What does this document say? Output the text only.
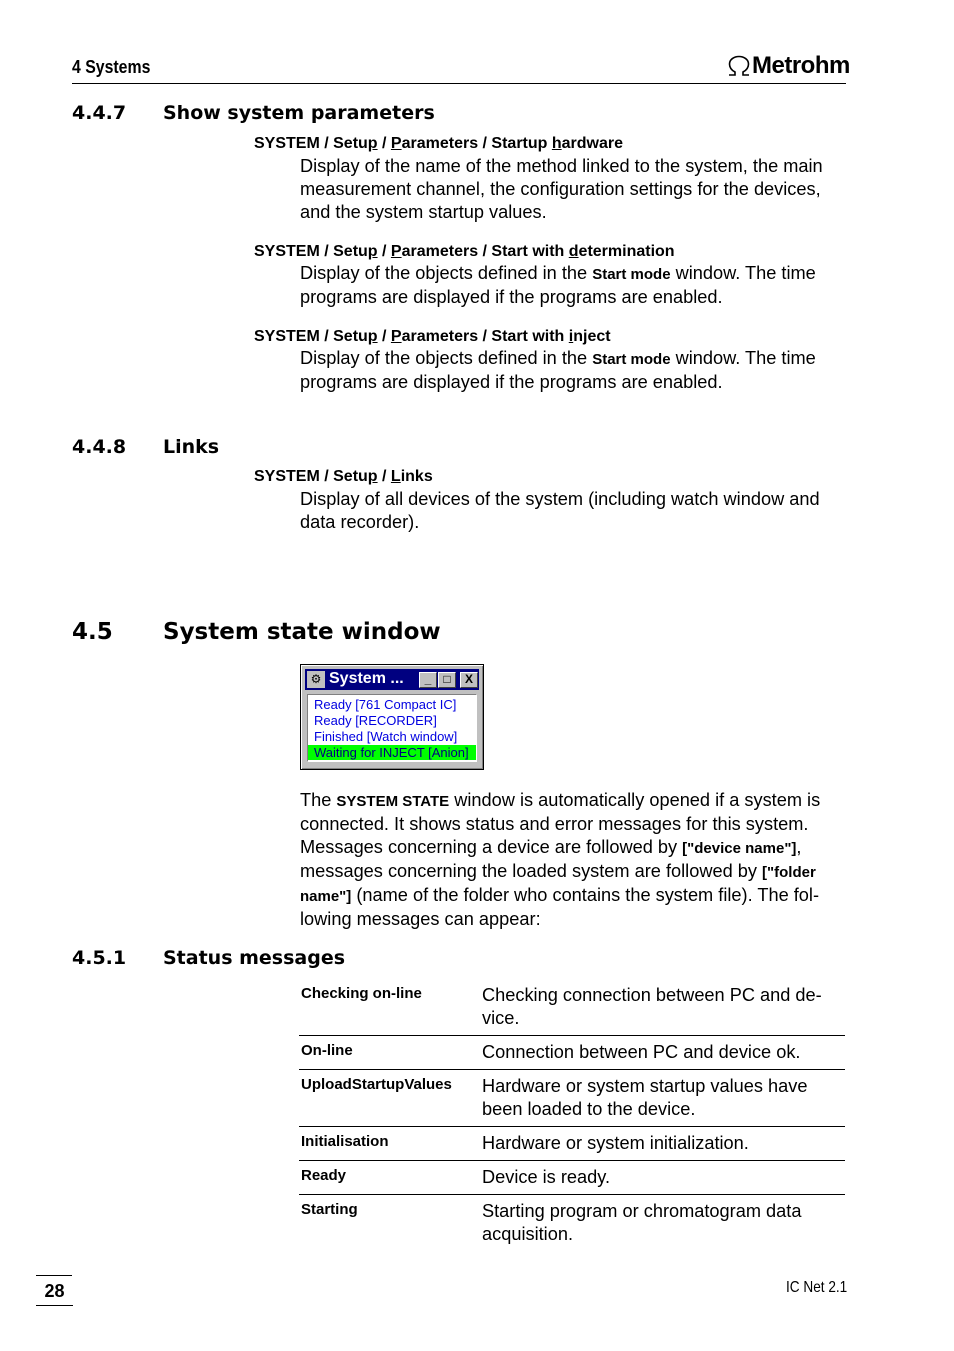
4 Systems	Metrohm
4.4.7 Show system parameters
SYSTEM / Setup / Parameters / Startup hardware
Display of the name of the method linked to the system, the main
measurement channel, the configuration settings for the devices,
and the system startup values.
SYSTEM / Setup / Parameters / Start with determination
Display of the objects defined in the Start mode window. The time
programs are displayed if the programs are enabled.
SYSTEM / Setup / Parameters / Start with inject
Display of the objects defined in the Start mode window. The time
programs are displayed if the programs are enabled.
4.4.8 Links
SYSTEM / Setup / Links
Display of all devices of the system (including watch window and
data recorder).
4.5 System state window
⚙ System ...	_	□	X
Ready [761 Compact IC]
Ready [RECORDER]
Finished [Watch window]
Waiting for INJECT [Anion]
The SYSTEM STATE window is automatically opened if a system is
connected. It shows status and error messages for this system.
Messages concerning a device are followed by ["device name"],
messages concerning the loaded system are followed by ["folder
name"] (name of the folder who contains the system file). The fol-
lowing messages can appear:
4.5.1 Status messages
Checking on-line	Checking connection between PC and de-
vice.
On-line	Connection between PC and device ok.
UploadStartupValues Hardware or system startup values have
been loaded to the device.
Initialisation	Hardware or system initialization.
Ready	Device is ready.
Starting	Starting program or chromatogram data
acquisition.
28	IC Net 2.1
